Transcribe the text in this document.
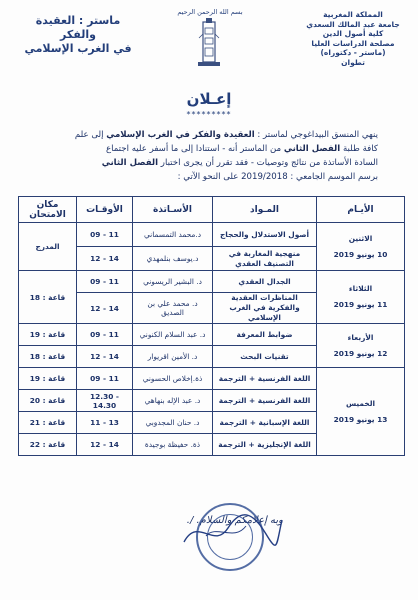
المملكة المغربية
جامعة عبد المالك السعدي
كلية أصول الدين
مصلحة الدراسات العليا
(ماستر - دكتوراه)
تطوان
بسم الله الرحمن الرحيم
ماستر : العقيدة والفكر
في الغرب الإسلامي
إعـلان
*********
ينهي المنسق البيداغوجي لماستر : العقيدة والفكر في الغرب الإسلامي إلى علم
كافة طلبة الفصل الثاني من الماستر أنه - استنادا إلى ما أسفر عليه اجتماع
السادة الأساتذة من نتائج وتوصيات - فقد تقرر أن يجرى اختبار الفصل الثاني
برسم الموسم الجامعي : 2019/2018 على النحو الآتي :
الأيـام	المـواد	الأسـاتذة	الأوقـات	مكان الامتحان

الاثنين
10 يونيو 2019	أصول الاستدلال والحجاج	د.محمد التمسماني	09 - 11	المدرج
	منهجية المغاربة في التصنيف العقدي	د.يوسف بنلمهدي	12 - 14	

الثلاثاء
11 يونيو 2019	الجدال العقدي	د. البشير الريسوني	09 - 11	قاعة : 18
	المناظرات العقدية والفكرية في الغرب الإسلامي	د. محمد علي بن الصديق	12 - 14	

الأربعاء
12 يونيو 2019	ضوابط المعرفة	د. عبد السلام الكنوني	09 - 11	قاعة : 19
	تقنيات البحث	د. الأمين اقريوار	12 - 14	قاعة : 18

الخميس
13 يونيو 2019	اللغة الفرنسية + الترجمة	ذة.إخلاص الحسوني	09 - 11	قاعة : 19
	اللغة الفرنسية + الترجمة	د. عبد الإله بنهاهي	12.30 - 14.30	قاعة : 20
	اللغة الإسبانية + الترجمة	د. حنان المجدوبي	11 - 13	قاعة : 21
	اللغة الإنجليزية + الترجمة	ذة. حفيظة بوجيدة	12 - 14	قاعة : 22
وبه إعلامكم والسلام. /.
